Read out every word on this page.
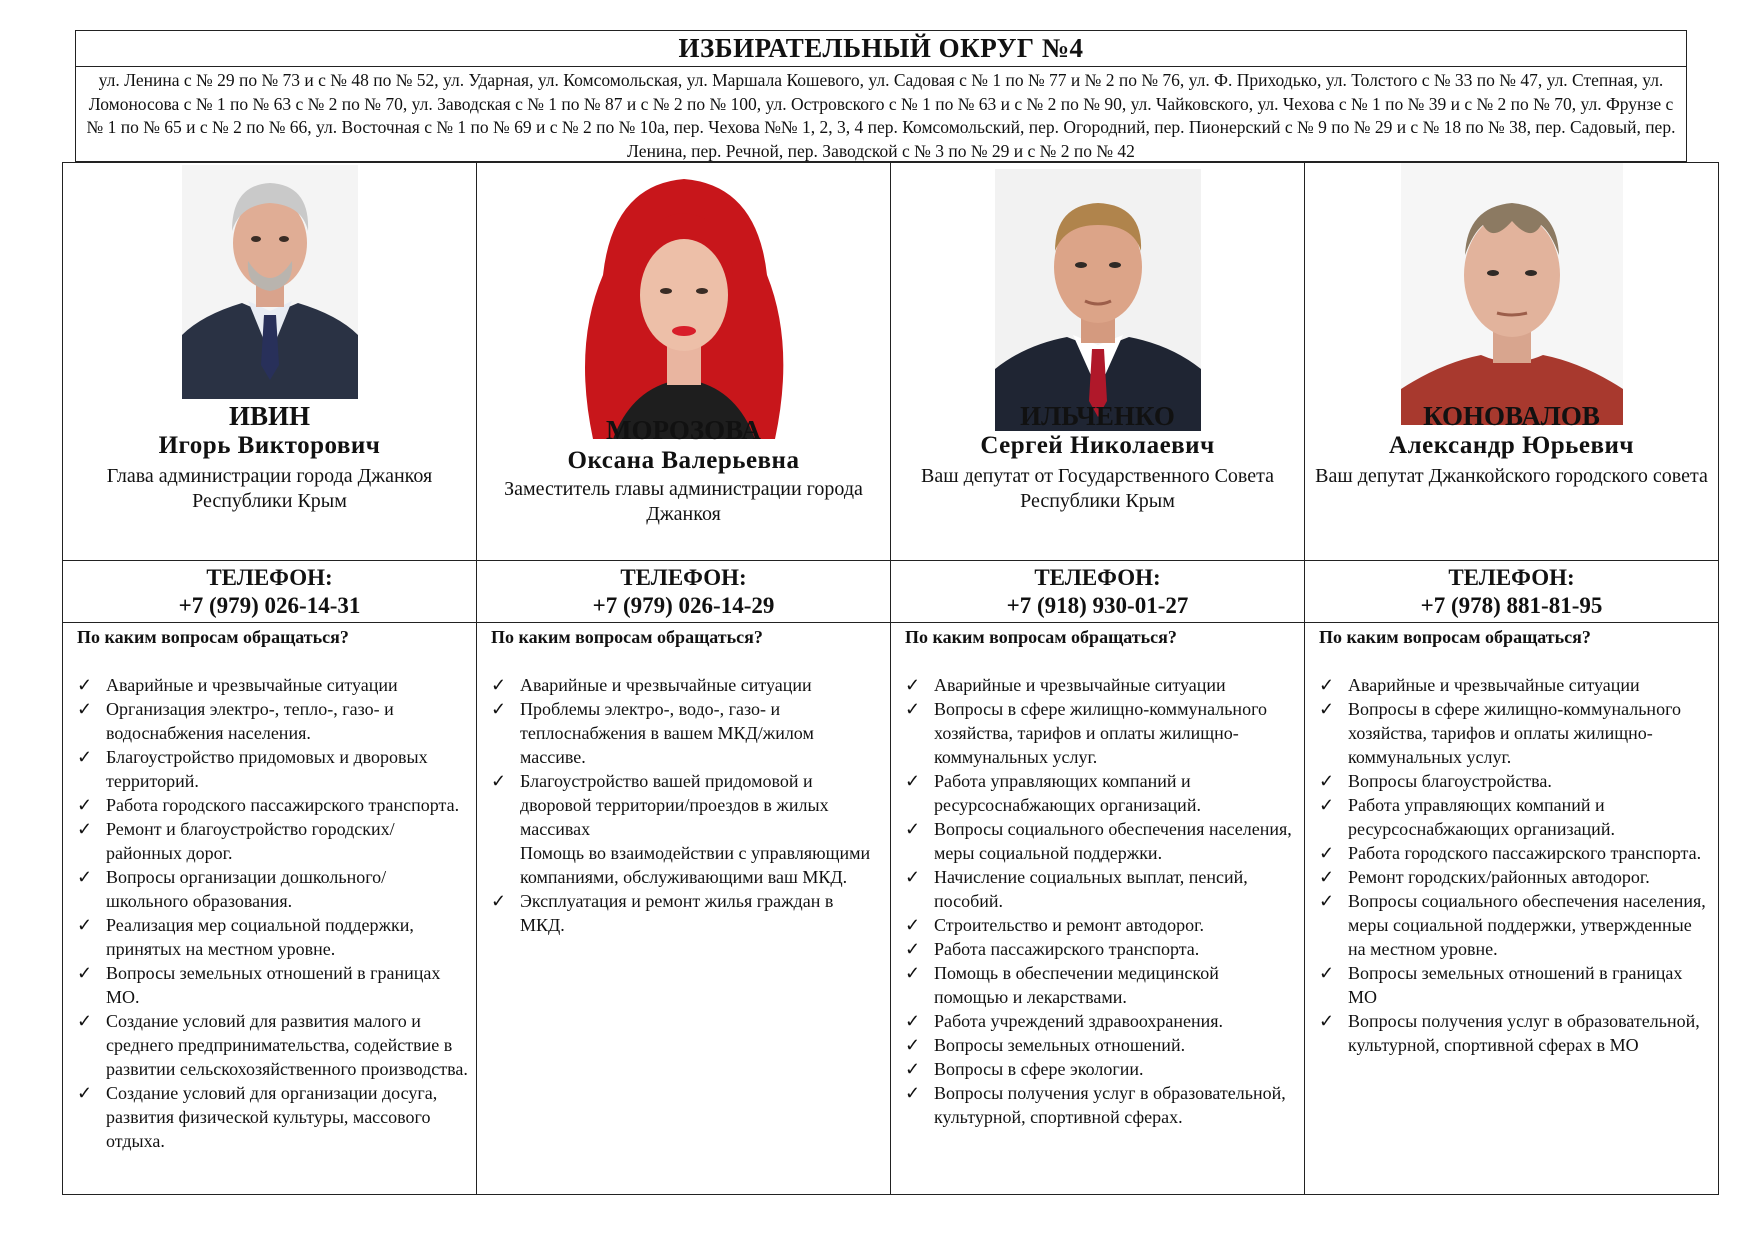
ИЗБИРАТЕЛЬНЫЙ ОКРУГ №4
ул. Ленина с № 29 по № 73 и с № 48 по № 52, ул. Ударная, ул. Комсомольская, ул. Маршала Кошевого, ул. Садовая с № 1 по № 77 и № 2 по № 76, ул. Ф. Приходько, ул. Толстого с № 33 по № 47, ул. Степная, ул. Ломоносова с № 1 по № 63 с № 2 по № 70, ул. Заводская с № 1 по № 87 и с № 2 по № 100, ул. Островского с № 1 по № 63 и с № 2 по № 90, ул. Чайковского, ул. Чехова с № 1 по № 39 и с № 2 по № 70, ул. Фрунзе с № 1 по № 65 и с № 2 по № 66, ул. Восточная с № 1 по № 69 и с № 2 по № 10а, пер. Чехова №№ 1, 2, 3, 4 пер. Комсомольский, пер. Огородний, пер. Пионерский с № 9 по № 29 и с № 18 по № 38, пер. Садовый, пер. Ленина, пер. Речной, пер. Заводской с № 3 по № 29 и с № 2 по № 42
ИВИН
Игорь Викторович
Глава администрации города Джанкоя Республики Крым
ТЕЛЕФОН:
+7 (979) 026-14-31
По каким вопросам обращаться?
✓ Аварийные и чрезвычайные ситуации
✓ Организация электро-, тепло-, газо- и водоснабжения населения.
✓ Благоустройство придомовых и дворовых территорий.
✓ Работа городского пассажирского транспорта.
✓ Ремонт и благоустройство городских/районных дорог.
✓ Вопросы организации дошкольного/школьного образования.
✓ Реализация мер социальной поддержки, принятых на местном уровне.
✓ Вопросы земельных отношений в границах МО.
✓ Создание условий для развития малого и среднего предпринимательства, содействие в развитии сельскохозяйственного производства.
✓ Создание условий для организации досуга, развития физической культуры, массового отдыха.
МОРОЗОВА
Оксана Валерьевна
Заместитель главы администрации города Джанкоя
ТЕЛЕФОН:
+7 (979) 026-14-29
По каким вопросам обращаться?
✓ Аварийные и чрезвычайные ситуации
✓ Проблемы электро-, водо-, газо- и теплоснабжения в вашем МКД/жилом массиве.
✓ Благоустройство вашей придомовой и дворовой территории/проездов в жилых массивах
Помощь во взаимодействии с управляющими компаниями, обслуживающими ваш МКД.
✓ Эксплуатация и ремонт жилья граждан в МКД.
ИЛЬЧЕНКО
Сергей Николаевич
Ваш депутат от Государственного Совета Республики Крым
ТЕЛЕФОН:
+7 (918) 930-01-27
По каким вопросам обращаться?
✓ Аварийные и чрезвычайные ситуации
✓ Вопросы в сфере жилищно-коммунального хозяйства, тарифов и оплаты жилищно-коммунальных услуг.
✓ Работа управляющих компаний и ресурсоснабжающих организаций.
✓ Вопросы социального обеспечения населения, меры социальной поддержки.
✓ Начисление социальных выплат, пенсий, пособий.
✓ Строительство и ремонт автодорог.
✓ Работа пассажирского транспорта.
✓ Помощь в обеспечении медицинской помощью и лекарствами.
✓ Работа учреждений здравоохранения.
✓ Вопросы земельных отношений.
✓ Вопросы в сфере экологии.
✓ Вопросы получения услуг в образовательной, культурной, спортивной сферах.
КОНОВАЛОВ
Александр Юрьевич
Ваш депутат Джанкойского городского совета
ТЕЛЕФОН:
+7 (978) 881-81-95
По каким вопросам обращаться?
✓ Аварийные и чрезвычайные ситуации
✓ Вопросы в сфере жилищно-коммунального хозяйства, тарифов и оплаты жилищно-коммунальных услуг.
✓ Вопросы благоустройства.
✓ Работа управляющих компаний и ресурсоснабжающих организаций.
✓ Работа городского пассажирского транспорта.
✓ Ремонт городских/районных автодорог.
✓ Вопросы социального обеспечения населения, меры социальной поддержки, утвержденные на местном уровне.
✓ Вопросы земельных отношений в границах МО
✓ Вопросы получения услуг в образовательной, культурной, спортивной сферах в МО
